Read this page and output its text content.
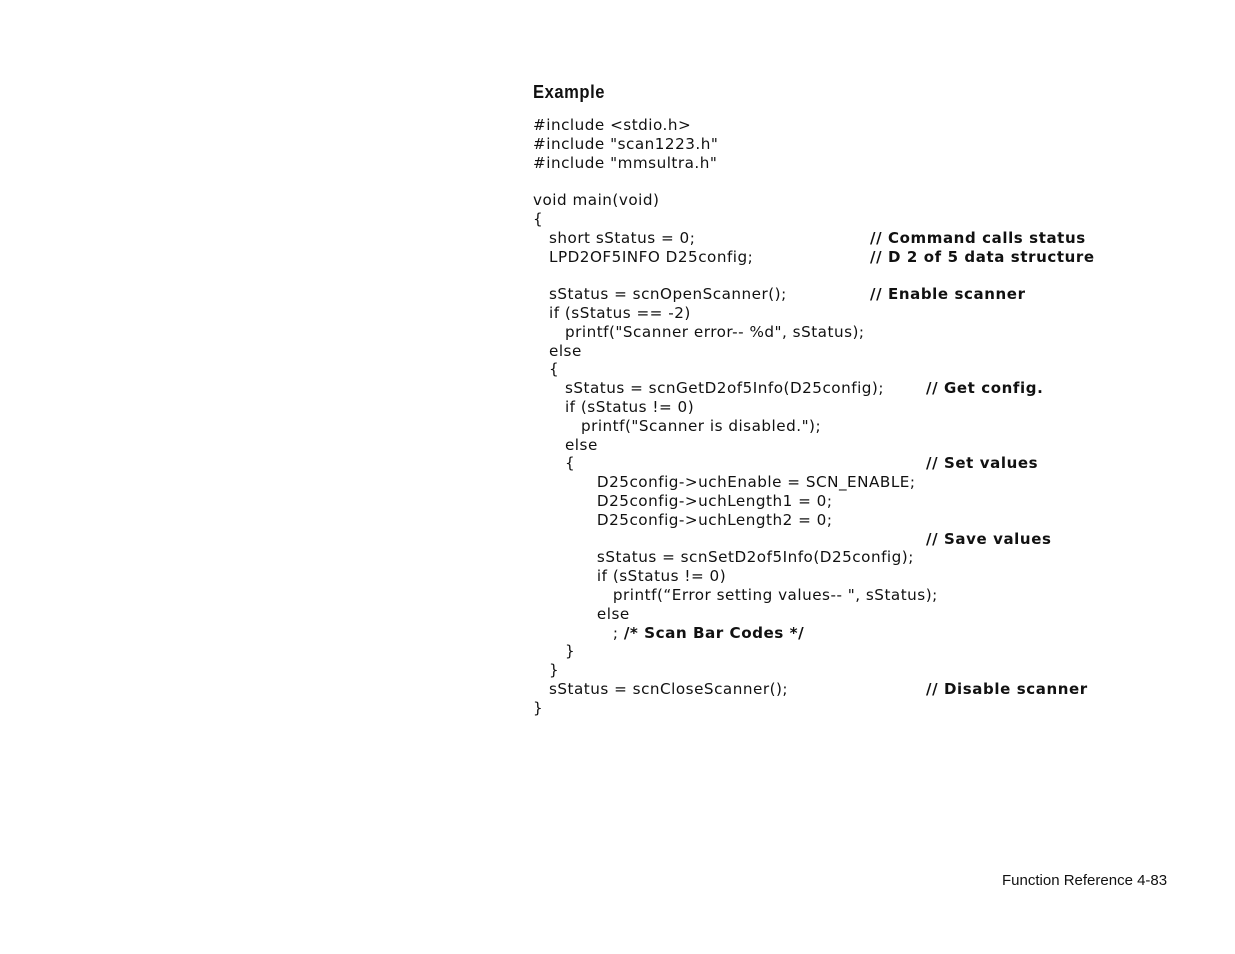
Example
#include <stdio.h>
#include "scan1223.h"
#include "mmsultra.h"
void main(void)
{
short sStatus = 0;	// Command calls status
LPD2OF5INFO D25config;	// D 2 of 5 data structure
sStatus = scnOpenScanner();	// Enable scanner
if (sStatus == -2)
printf("Scanner error-- %d", sStatus);
else
{
sStatus = scnGetD2of5Info(D25config);	// Get config.
if (sStatus != 0)
printf("Scanner is disabled.");
else
{	// Set values
D25config->uchEnable = SCN_ENABLE;
D25config->uchLength1 = 0;
D25config->uchLength2 = 0;
// Save values
sStatus = scnSetD2of5Info(D25config);
if (sStatus != 0)
printf(“Error setting values-- ", sStatus);
else
; /* Scan Bar Codes */
}
}
sStatus = scnCloseScanner();	// Disable scanner
}
Function Reference 4-83
